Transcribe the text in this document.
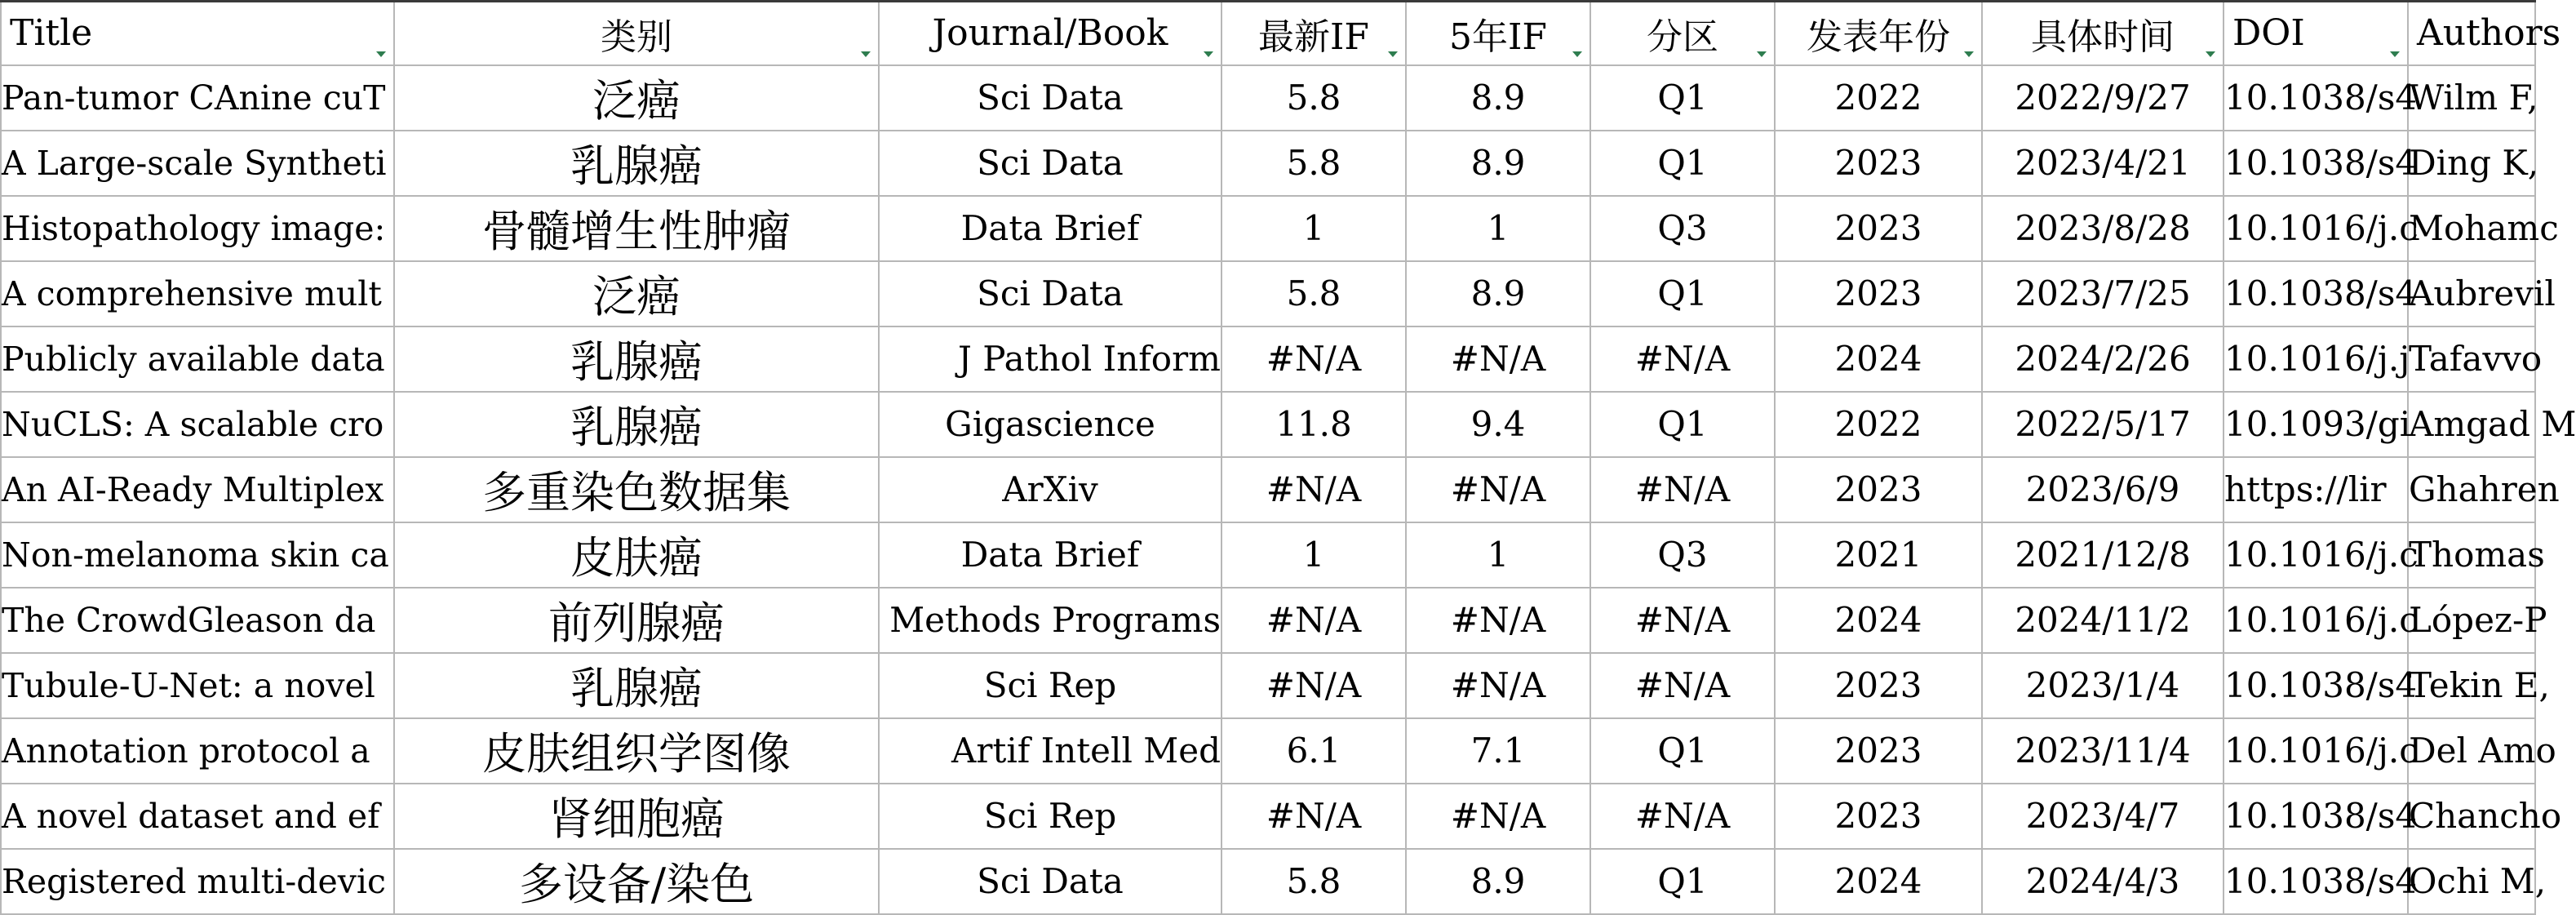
Title	类别	Journal/Book	最新IF	5年IF	分区	发表年份	具体时间	DOI	Authors
Pan-tumor CAnine cuT	泛癌	Sci Data	5.8	8.9	Q1	2022	2022/9/27	10.1038/s4	Wilm F,
A Large-scale Syntheti	乳腺癌	Sci Data	5.8	8.9	Q1	2023	2023/4/21	10.1038/s4	Ding K,
Histopathology image:	骨髓增生性肿瘤	Data Brief	1	1	Q3	2023	2023/8/28	10.1016/j.c	Mohamc
A comprehensive mult	泛癌	Sci Data	5.8	8.9	Q1	2023	2023/7/25	10.1038/s4	Aubrevil
Publicly available data	乳腺癌	J Pathol Inform	#N/A	#N/A	#N/A	2024	2024/2/26	10.1016/j.j	Tafavvo
NuCLS: A scalable cro	乳腺癌	Gigascience	11.8	9.4	Q1	2022	2022/5/17	10.1093/gi	Amgad M
An AI-Ready Multiplex	多重染色数据集	ArXiv	#N/A	#N/A	#N/A	2023	2023/6/9	https://lir	Ghahren
Non-melanoma skin ca	皮肤癌	Data Brief	1	1	Q3	2021	2021/12/8	10.1016/j.c	Thomas
The CrowdGleason da	前列腺癌	Methods Programs	#N/A	#N/A	#N/A	2024	2024/11/2	10.1016/j.c	López-P
Tubule-U-Net: a novel	乳腺癌	Sci Rep	#N/A	#N/A	#N/A	2023	2023/1/4	10.1038/s4	Tekin E,
Annotation protocol a	皮肤组织学图像	Artif Intell Med	6.1	7.1	Q1	2023	2023/11/4	10.1016/j.c	Del Amo
A novel dataset and ef	肾细胞癌	Sci Rep	#N/A	#N/A	#N/A	2023	2023/4/7	10.1038/s4	Chancho
Registered multi-devic	多设备/染色	Sci Data	5.8	8.9	Q1	2024	2024/4/3	10.1038/s4	Ochi M,
